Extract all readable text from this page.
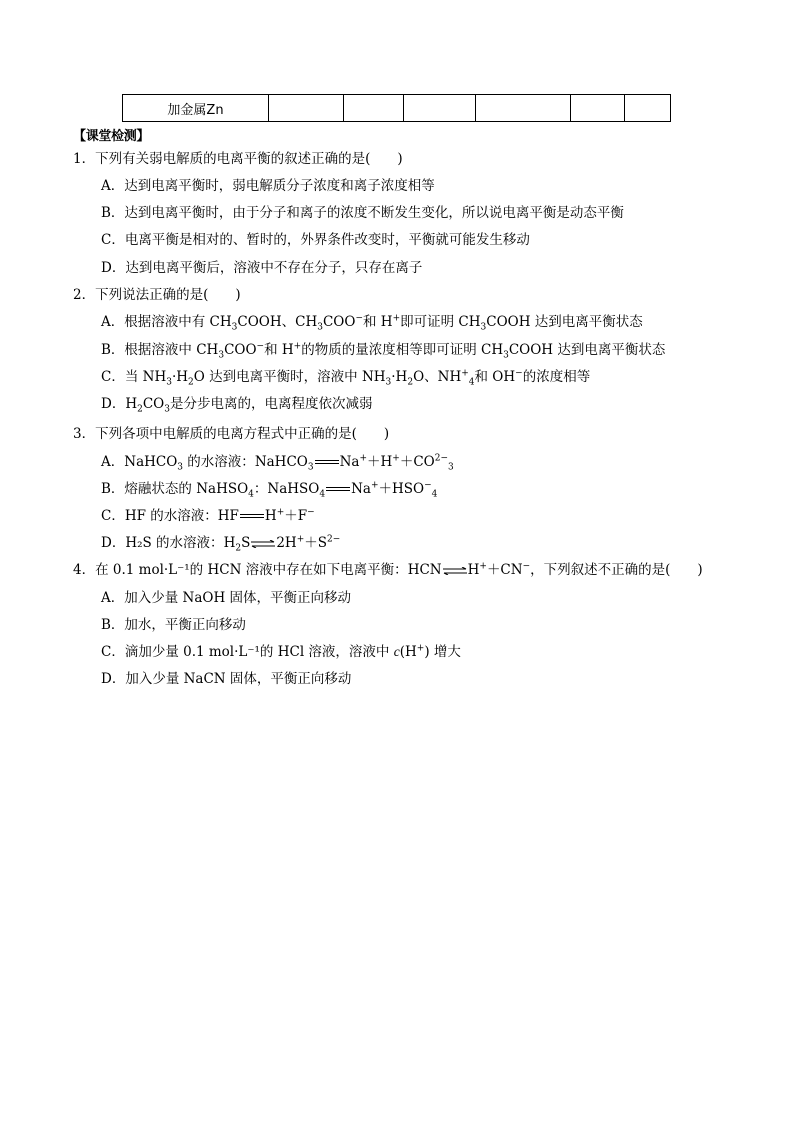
加金属Zn						
【课堂检测】
1．下列有关弱电解质的电离平衡的叙述正确的是(　　)
A．达到电离平衡时，弱电解质分子浓度和离子浓度相等
B．达到电离平衡时，由于分子和离子的浓度不断发生变化，所以说电离平衡是动态平衡
C．电离平衡是相对的、暂时的，外界条件改变时，平衡就可能发生移动
D．达到电离平衡后，溶液中不存在分子，只存在离子
2．下列说法正确的是(　　)
A．根据溶液中有 $CH_3COOH$、$CH_3COO^-$和 H+即可证明 $CH_3COOH$ 达到电离平衡状态
B．根据溶液中 $CH_3COO^-$和 H+的物质的量浓度相等即可证明 $CH_3COOH$ 达到电离平衡状态
C．当 $NH_3\cdot H_2O$ 达到电离平衡时，溶液中 $NH_3\cdot H_2O$、$NH^+_4$和 OH−的浓度相等
D．$H_2CO_3$是分步电离的，电离程度依次减弱
3．下列各项中电解质的电离方程式中正确的是(　　)
A．NaHCO$_3$ 的水溶液：NaHCO$_3$ $Na^++H^++CO^{2-}_3$
B．熔融状态的 NaHSO$_4$：NaHSO$_4$ $Na^++HSO^-_4$
C．HF 的水溶液：HF H+＋F−
D．H₂S 的水溶液：$H_2S\rightleftharpoons 2H^++S^{2-}$
4．在 0.1 mol·L⁻¹的 HCN 溶液中存在如下电离平衡：HCN⇌H+＋CN−，下列叙述不正确的是(　　)
A．加入少量 NaOH 固体，平衡正向移动
B．加水，平衡正向移动
C．滴加少量 0.1 mol·L⁻¹的 HCl 溶液，溶液中 c(H+) 增大
D．加入少量 NaCN 固体，平衡正向移动
